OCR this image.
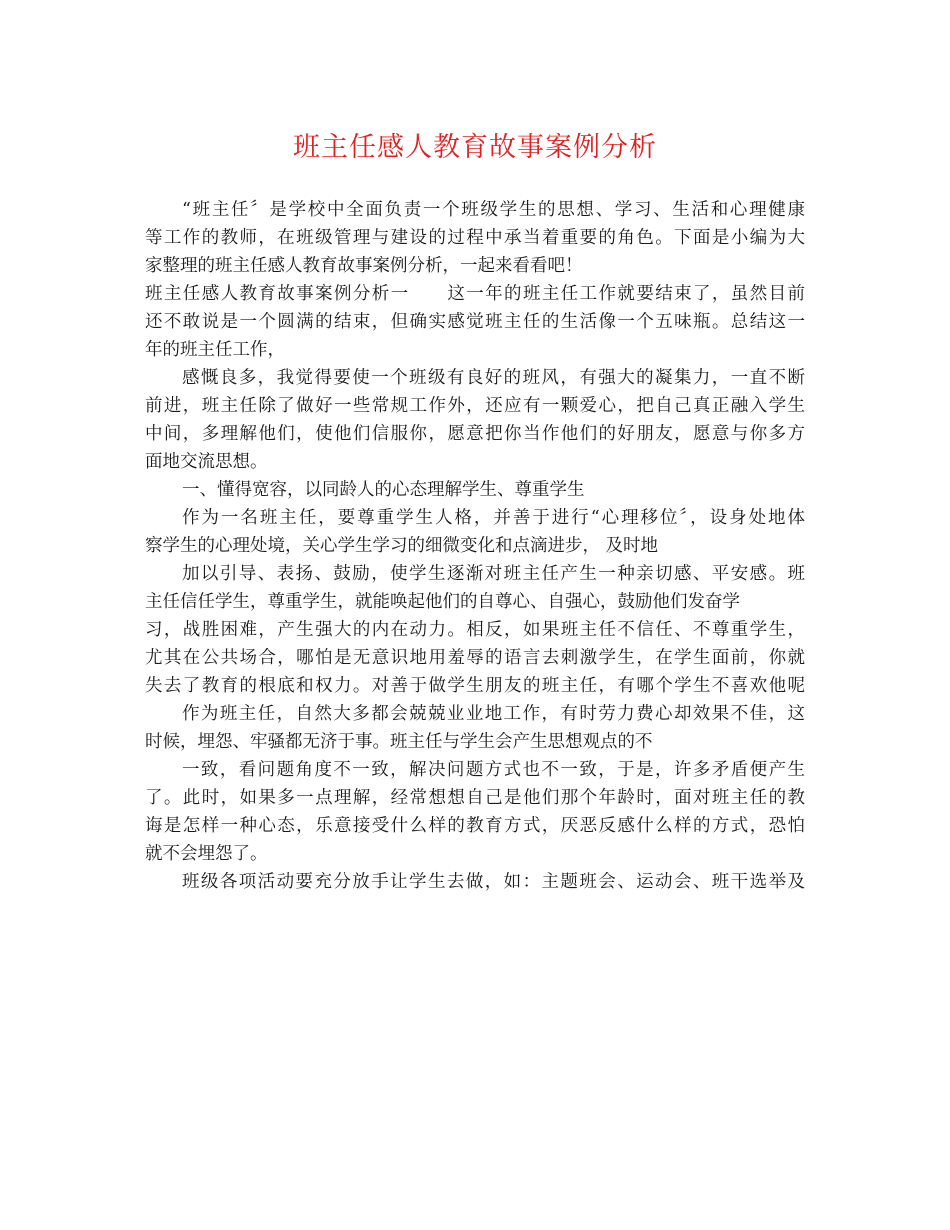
班主任感人教育故事案例分析

“班主任〞是学校中全面负责一个班级学生的思想、学习、生活和心理健康
等工作的教师，在班级管理与建设的过程中承当着重要的角色。下面是小编为大
家整理的班主任感人教育故事案例分析，一起来看看吧！

班主任感人教育故事案例分析一　　这一年的班主任工作就要结束了，虽然目前
还不敢说是一个圆满的结束，但确实感觉班主任的生活像一个五味瓶。总结这一
年的班主任工作，

感慨良多，我觉得要使一个班级有良好的班风，有强大的凝集力，一直不断
前进，班主任除了做好一些常规工作外，还应有一颗爱心，把自己真正融入学生
中间，多理解他们，使他们信服你，愿意把你当作他们的好朋友，愿意与你多方
面地交流思想。

一、懂得宽容，以同龄人的心态理解学生、尊重学生

作为一名班主任，要尊重学生人格，并善于进行“心理移位〞，设身处地体
察学生的心理处境，关心学生学习的细微变化和点滴进步， 及时地

加以引导、表扬、鼓励，使学生逐渐对班主任产生一种亲切感、平安感。班
主任信任学生，尊重学生，就能唤起他们的自尊心、自强心，鼓励他们发奋学
习，战胜困难，产生强大的内在动力。相反，如果班主任不信任、不尊重学生，
尤其在公共场合，哪怕是无意识地用羞辱的语言去刺激学生，在学生面前，你就
失去了教育的根底和权力。对善于做学生朋友的班主任，有哪个学生不喜欢他呢

作为班主任，自然大多都会兢兢业业地工作，有时劳力费心却效果不佳，这
时候，埋怨、牢骚都无济于事。班主任与学生会产生思想观点的不

一致，看问题角度不一致，解决问题方式也不一致，于是，许多矛盾便产生
了。此时，如果多一点理解，经常想想自己是他们那个年龄时，面对班主任的教
诲是怎样一种心态，乐意接受什么样的教育方式，厌恶反感什么样的方式，恐怕
就不会埋怨了。

班级各项活动要充分放手让学生去做，如：主题班会、运动会、班干选举及
